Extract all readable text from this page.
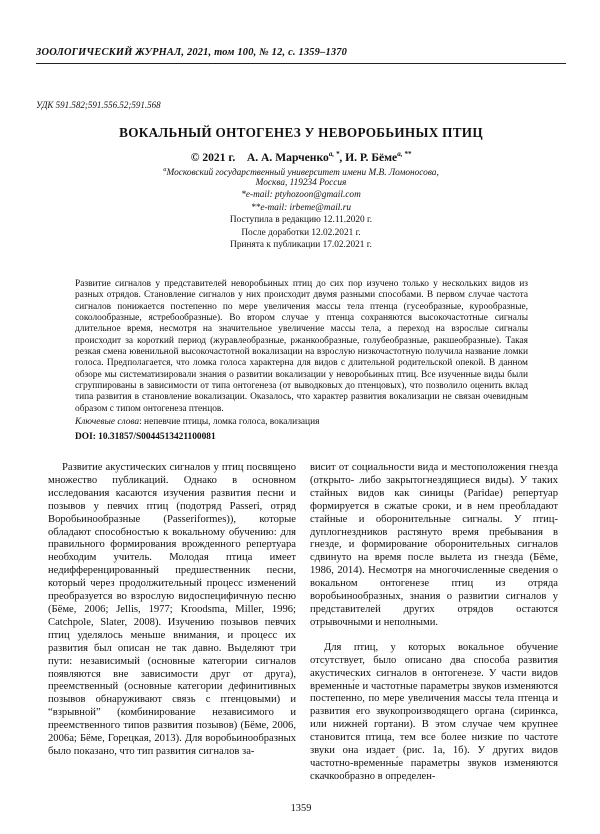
ЗООЛОГИЧЕСКИЙ ЖУРНАЛ, 2021, том 100, № 12, с. 1359–1370
УДК 591.582;591.556.52;591.568
ВОКАЛЬНЫЙ ОНТОГЕНЕЗ У НЕВОРОБЬИНЫХ ПТИЦ
© 2021 г. А. А. Марченко$^{a, *}$, И. Р. Бёме$^{a, **}$
$^a$Московский государственный университет имени М.В. Ломоносова,
Москва, 119234 Россия
*e-mail: ptyhozoon@gmail.com
**e-mail: irbeme@mail.ru
Поступила в редакцию 12.11.2020 г.
После доработки 12.02.2021 г.
Принята к публикации 17.02.2021 г.
Развитие сигналов у представителей неворобьиных птиц до сих пор изучено только у нескольких видов из разных отрядов. Становление сигналов у них происходит двумя разными способами. В первом случае частота сигналов понижается постепенно по мере увеличения массы тела птенца (гусеобразные, курообразные, соколообразные, ястребообразные). Во втором случае у птенца сохраняются высокочастотные сигналы длительное время, несмотря на значительное увеличение массы тела, а переход на взрослые сигналы происходит за короткий период (журавлеобразные, ржанкообразные, голубеобразные, ракшеобразные). Такая резкая смена ювенильной высокочастотной вокализации на взрослую низкочастотную получила название ломки голоса. Предполагается, что ломка голоса характерна для видов с длительной родительской опекой. В данном обзоре мы систематизировали знания о развитии вокализации у неворобьиных птиц. Все изученные виды были сгруппированы в зависимости от типа онтогенеза (от выводковых до птенцовых), что позволило оценить вклад типа развития в становление вокализации. Оказалось, что характер развития вокализации не связан очевидным образом с типом онтогенеза птенцов.
Ключевые слова: непевчие птицы, ломка голоса, вокализация
DOI: 10.31857/S0044513421100081

Развитие акустических сигналов у птиц посвящено множество публикаций. Однако в основном исследования касаются изучения развития песни и позывов у певчих птиц (подотряд Passeri, отряд Воробьинообразные (Passeriformes)), которые обладают способностью к вокальному обучению: для правильного формирования врожденного репертуара необходим учитель. Молодая птица имеет недифференцированный предшественник песни, который через продолжительный процесс изменений преобразуется во взрослую видоспецифичную песню (Бёме, 2006; Jellis, 1977; Kroodsma, Miller, 1996; Catchpole, Slater, 2008). Изучению позывов певчих птиц уделялось меньше внимания, и процесс их развития был описан не так давно. Выделяют три пути: независимый (основные категории сигналов появляются вне зависимости друг от друга), преемственный (основные категории дефинитивных позывов обнаруживают связь с птенцовыми) и “взрывной” (комбинирование независимого и преемственного типов развития позывов) (Бёме, 2006, 2006а; Бёме, Горецкая, 2013). Для воробьинообразных было показано, что тип развития сигналов за-

висит от социальности вида и местоположения гнезда (открыто- либо закрытогнездящиеся виды). У таких стайных видов как синицы (Paridae) репертуар формируется в сжатые сроки, и в нем преобладают стайные и оборонительные сигналы. У птиц-дуплогнездников растянуто время пребывания в гнезде, и формирование оборонительных сигналов сдвинуто на время после вылета из гнезда (Бёме, 1986, 2014). Несмотря на многочисленные сведения о вокальном онтогенезе птиц из отряда воробьинообразных, знания о развитии сигналов у представителей других отрядов остаются отрывочными и неполными.

Для птиц, у которых вокальное обучение отсутствует, было описано два способа развития акустических сигналов в онтогенезе. У части видов временны́е и частотные параметры звуков изменяются постепенно, по мере увеличения массы тела птенца и развития его звукопроизводящего органа (сиринкса, или нижней гортани). В этом случае чем крупнее становится птица, тем все более низкие по частоте звуки она издает (рис. 1а, 1б). У других видов частотно-временны́е параметры звуков изменяются скачкообразно в определен-

1359
